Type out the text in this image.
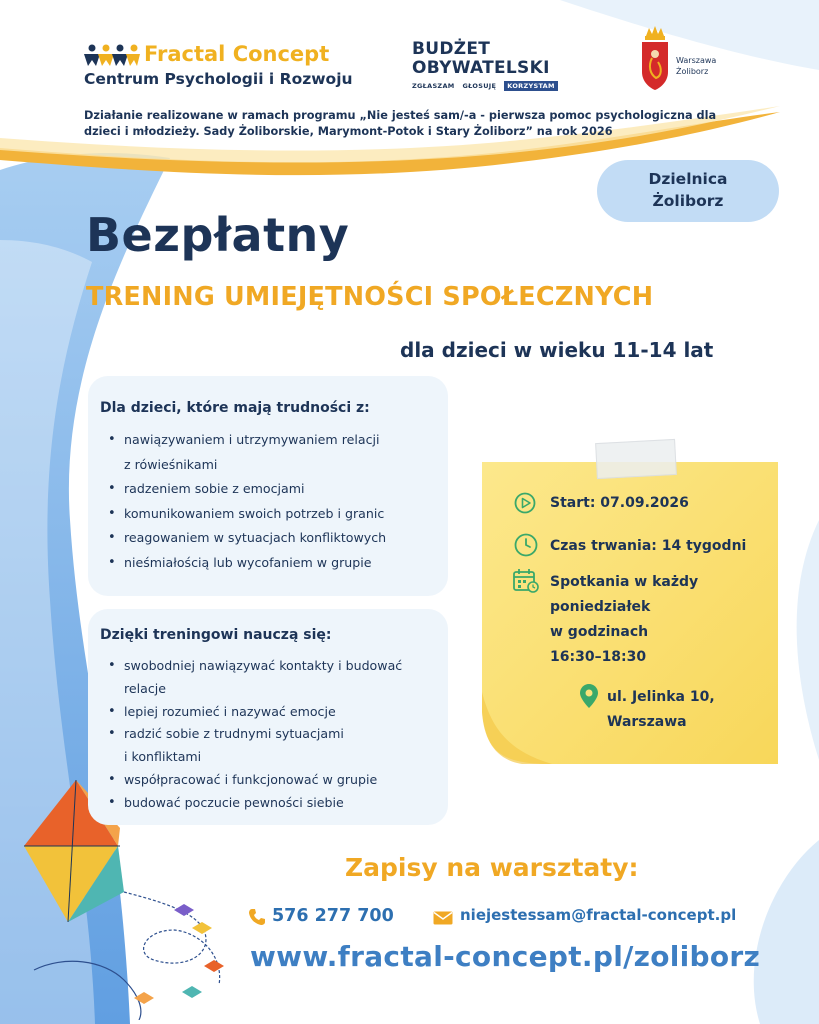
Fractal Concept
Centrum Psychologii i Rozwoju
BUDŻET
OBYWATELSKI
ZGŁASZAM GŁOSUJĘ	KORZYSTAM
Warszawa
Żoliborz
Działanie realizowane w ramach programu „Nie jesteś sam/-a - pierwsza pomoc psychologiczna dla
dzieci i młodzieży. Sady Żoliborskie, Marymont-Potok i Stary Żoliborz” na rok 2026
Dzielnica
Żoliborz
Bezpłatny
TRENING UMIEJĘTNOŚCI SPOŁECZNYCH
dla dzieci w wieku 11-14 lat
Dla dzieci, które mają trudności z:
• nawiązywaniem i utrzymywaniem relacji
z rówieśnikami
• radzeniem sobie z emocjami
• komunikowaniem swoich potrzeb i granic
• reagowaniem w sytuacjach konfliktowych
• nieśmiałością lub wycofaniem w grupie
Dzięki treningowi nauczą się:
• swobodniej nawiązywać kontakty i budować
relacje
• lepiej rozumieć i nazywać emocje
• radzić sobie z trudnymi sytuacjami
i konfliktami
• współpracować i funkcjonować w grupie
• budować poczucie pewności siebie
Start: 07.09.2026
Czas trwania: 14 tygodni
Spotkania w każdy
poniedziałek
w godzinach
16:30–18:30
ul. Jelinka 10,
Warszawa
Zapisy na warsztaty:
576 277 700	niejestessam@fractal-concept.pl
www.fractal-concept.pl/zoliborz
